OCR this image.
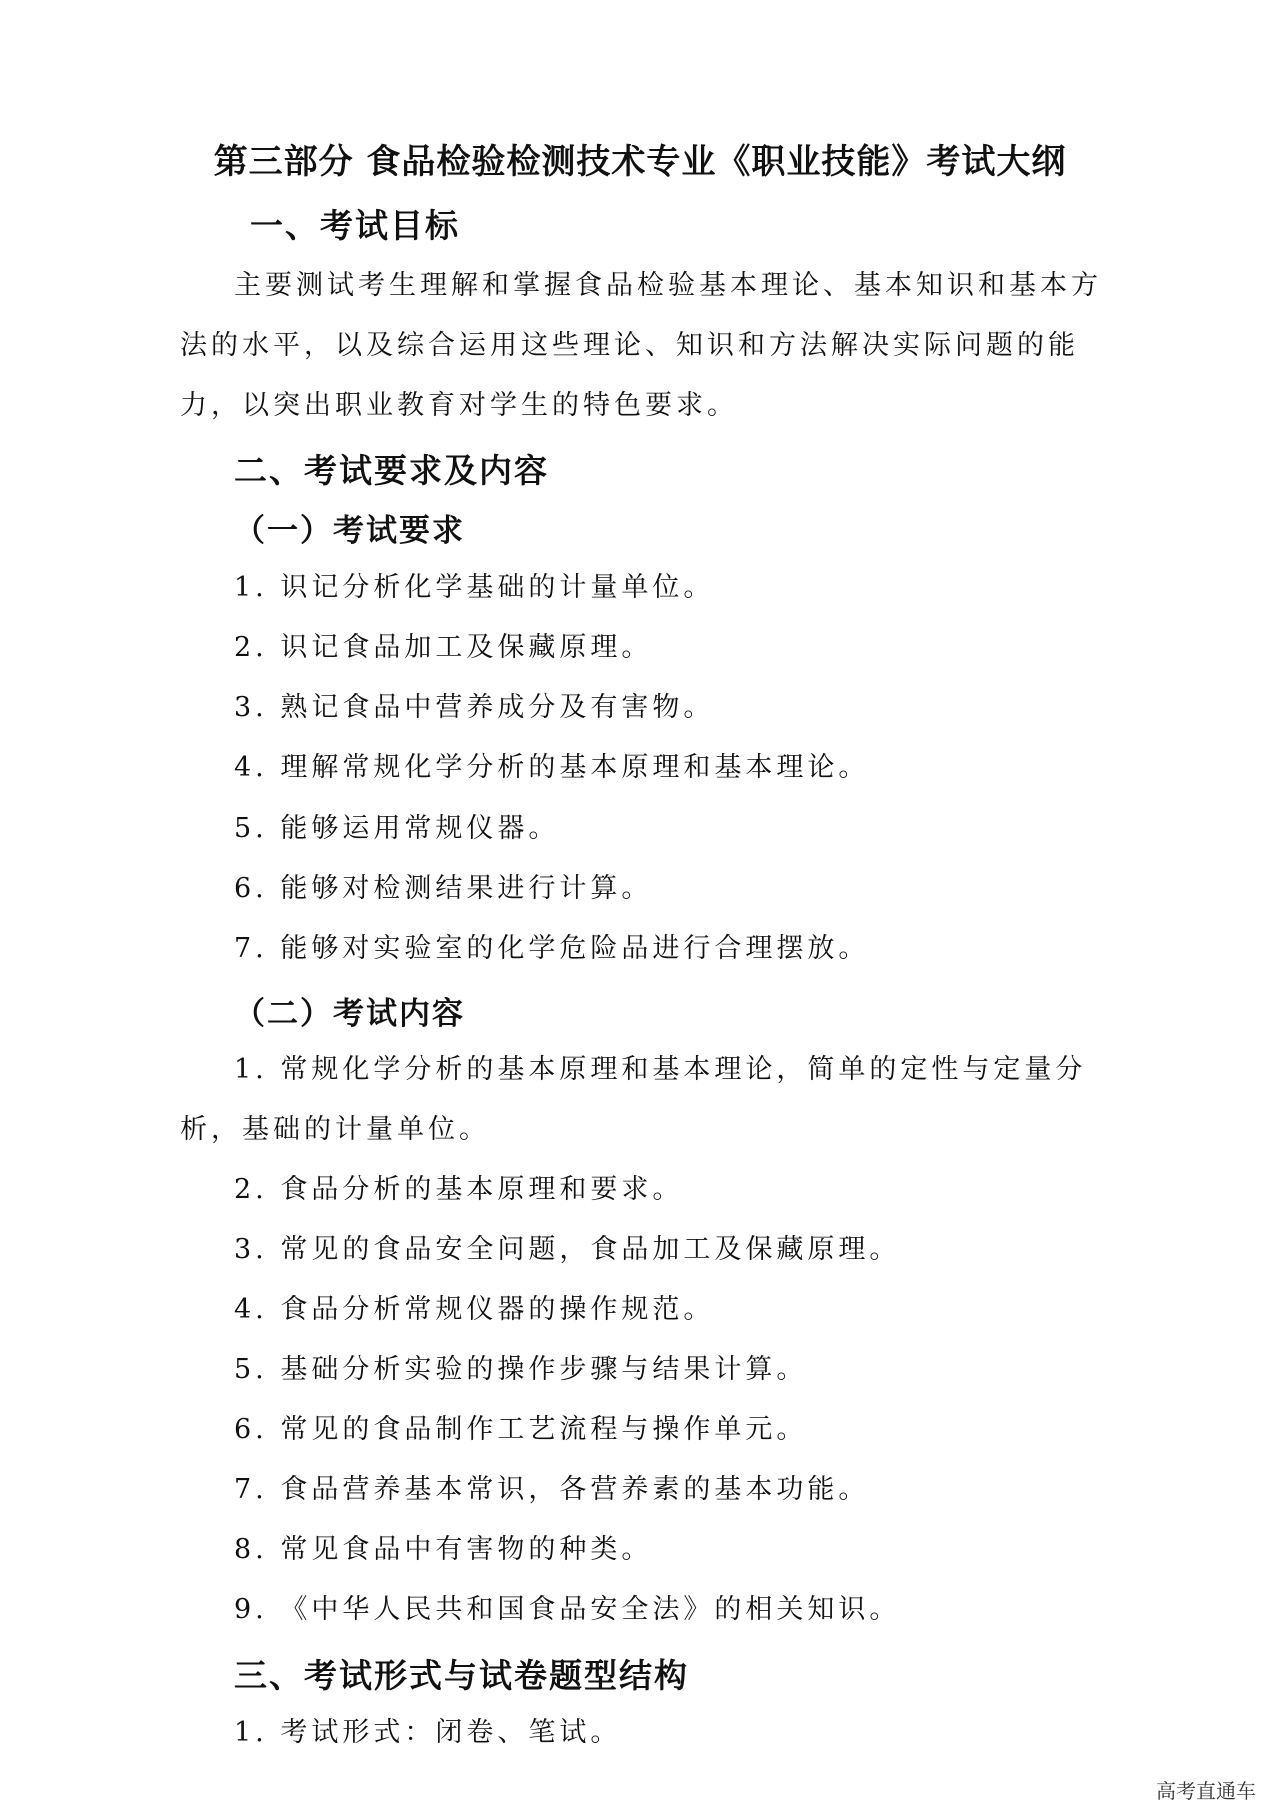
第三部分 食品检验检测技术专业《职业技能》考试大纲
一、考试目标
主要测试考生理解和掌握食品检验基本理论、基本知识和基本方法的水平，以及综合运用这些理论、知识和方法解决实际问题的能力，以突出职业教育对学生的特色要求。
二、考试要求及内容
（一）考试要求
1. 识记分析化学基础的计量单位。
2. 识记食品加工及保藏原理。
3. 熟记食品中营养成分及有害物。
4. 理解常规化学分析的基本原理和基本理论。
5. 能够运用常规仪器。
6. 能够对检测结果进行计算。
7. 能够对实验室的化学危险品进行合理摆放。
（二）考试内容
1. 常规化学分析的基本原理和基本理论，简单的定性与定量分析，基础的计量单位。
2. 食品分析的基本原理和要求。
3. 常见的食品安全问题，食品加工及保藏原理。
4. 食品分析常规仪器的操作规范。
5. 基础分析实验的操作步骤与结果计算。
6. 常见的食品制作工艺流程与操作单元。
7. 食品营养基本常识，各营养素的基本功能。
8. 常见食品中有害物的种类。
9. 《中华人民共和国食品安全法》的相关知识。
三、考试形式与试卷题型结构
1. 考试形式：闭卷、笔试。
高考直通车
